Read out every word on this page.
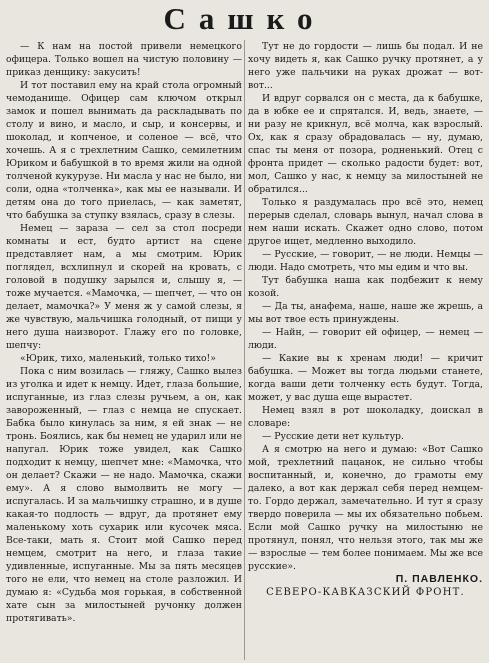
Сашко

— К нам на постой привели немецкого офицера. Только вошел на чистую половину — приказ денщику: закусить!

И тот поставил ему на край стола огромный чемоданище. Офицер сам ключом открыл замок и пошел вынимать да раскладывать по столу и вино, и масло, и сыр, и консервы, и шоколад, и копченое, и соленое — всё, что хочешь. А я с трехлетним Сашко, семилетним Юриком и бабушкой в то время жили на одной толченой кукурузе. Ни масла у нас не было, ни соли, одна «толченка», как мы ее называли. И детям она до того приелась, — как заметят, что бабушка за ступку взялась, сразу в слезы.

Немец — зараза — сел за стол посреди комнаты и ест, будто артист на сцене представляет нам, а мы смотрим. Юрик поглядел, всхлипнул и скорей на кровать, с головой в подушку зарылся и, слышу я, — тоже мучается. «Мамочка, — шепчет, — что он делает, мамочка?» У меня ж у самой слезы, я же чувствую, мальчишка голодный, от пищи у него душа наизворот. Глажу его по головке, шепчу:

«Юрик, тихо, маленький, только тихо!»

Пока с ним возилась — гляжу, Сашко вылез из уголка и идет к немцу. Идет, глаза большие, испуганные, из глаз слезы ручьем, а он, как завороженный, — глаз с немца не спускает. Бабка было кинулась за ним, я ей знак — не тронь. Боялись, как бы немец не ударил или не напугал. Юрик тоже увидел, как Сашко подходит к немцу, шепчет мне: «Мамочка, что он делает? Скажи — не надо. Мамочка, скажи ему». А я слово вымолвить не могу — испугалась. И за мальчишку страшно, и в душе какая-то подлость — вдруг, да протянет ему маленькому хоть сухарик или кусочек мяса. Все-таки, мать я. Стоит мой Сашко перед немцем, смотрит на него, и глаза такие удивленные, испуганные. Мы за пять месяцев того не ели, что немец на столе разложил. И думаю я: «Судьба моя горькая, в собственной хате сын за милостыней ручонку должен протягивать».

Тут не до гордости — лишь бы подал. И не хочу видеть я, как Сашко ручку протянет, а у него уже пальчики на руках дрожат — вот-вот...

И вдруг сорвался он с места, да к бабушке, да в юбке ее и спрятался. И, ведь, знаете, — ни разу не крикнул, всё молча, как взрослый. Ох, как я сразу обрадовалась — ну, думаю, спас ты меня от позора, родненький. Отец с фронта придет — сколько радости будет: вот, мол, Сашко у нас, к немцу за милостыней не обратился...

Только я раздумалась про всё это, немец перерыв сделал, словарь вынул, начал слова в нем наши искать. Скажет одно слово, потом другое ищет, медленно выходило.

— Русские, — говорит, — не люди. Немцы — люди. Надо смотреть, что мы едим и что вы.

Тут бабушка наша как подбежит к нему козой.

— Да ты, анафема, наше, наше же жрешь, а мы вот твое есть принуждены.

— Найн, — говорит ей офицер, — немец — люди.

— Какие вы к хренам люди! — кричит бабушка. — Может вы тогда людьми станете, когда ваши дети толченку есть будут. Тогда, может, у вас душа еще вырастет.

Немец взял в рот шоколадку, доискал в словаре:

— Русские дети нет культур.

А я смотрю на него и думаю: «Вот Сашко мой, трехлетний пацанок, не сильно чтобы воспитанный, и, конечно, до грамоты ему далеко, а вот как держал себя перед немцем-то. Гордо держал, замечательно. И тут я сразу твердо поверила — мы их обязательно побьем. Если мой Сашко ручку на милостыню не протянул, понял, что нельзя этого, так мы же — взрослые — тем более понимаем. Мы же все русские».

П. ПАВЛЕНКО.

СЕВЕРО-КАВКАЗСКИЙ ФРОНТ.
